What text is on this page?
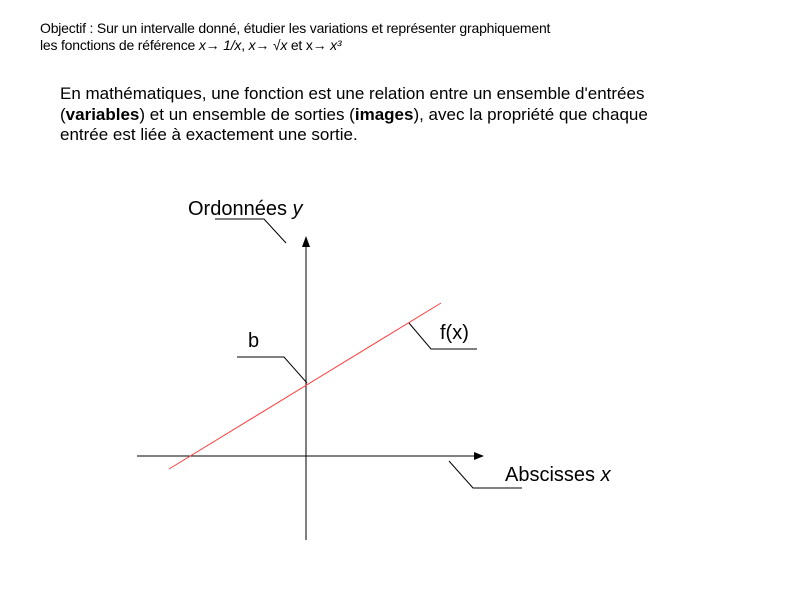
Objectif : Sur un intervalle donné, étudier les variations et représenter graphiquement
les fonctions de référence x→ 1/x, x→ √x et x→ x³
En mathématiques, une fonction est une relation entre un ensemble d'entrées
(variables) et un ensemble de sorties (images), avec la propriété que chaque
entrée est liée à exactement une sortie.
Ordonnées y
Abscisses x
b	f(x)
